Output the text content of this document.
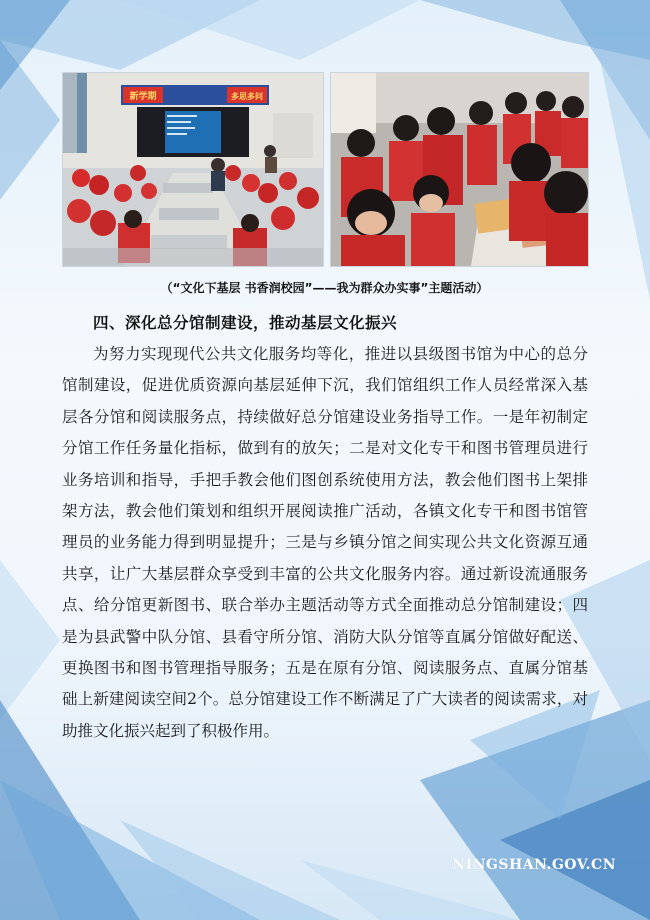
新学期	多思多问
（“文化下基层 书香润校园”——我为群众办实事”主题活动）
四、深化总分馆制建设，推动基层文化振兴

为努力实现现代公共文化服务均等化，推进以县级图书馆为中心的总分馆制建设，促进优质资源向基层延伸下沉，我们馆组织工作人员经常深入基层各分馆和阅读服务点，持续做好总分馆建设业务指导工作。一是年初制定分馆工作任务量化指标，做到有的放矢；二是对文化专干和图书管理员进行业务培训和指导，手把手教会他们图创系统使用方法，教会他们图书上架排架方法，教会他们策划和组织开展阅读推广活动，各镇文化专干和图书馆管理员的业务能力得到明显提升；三是与乡镇分馆之间实现公共文化资源互通共享，让广大基层群众享受到丰富的公共文化服务内容。通过新设流通服务点、给分馆更新图书、联合举办主题活动等方式全面推动总分馆制建设；四是为县武警中队分馆、县看守所分馆、消防大队分馆等直属分馆做好配送、更换图书和图书管理指导服务；五是在原有分馆、阅读服务点、直属分馆基础上新建阅读空间2个。总分馆建设工作不断满足了广大读者的阅读需求，对助推文化振兴起到了积极作用。

NINGSHAN.GOV.CN
